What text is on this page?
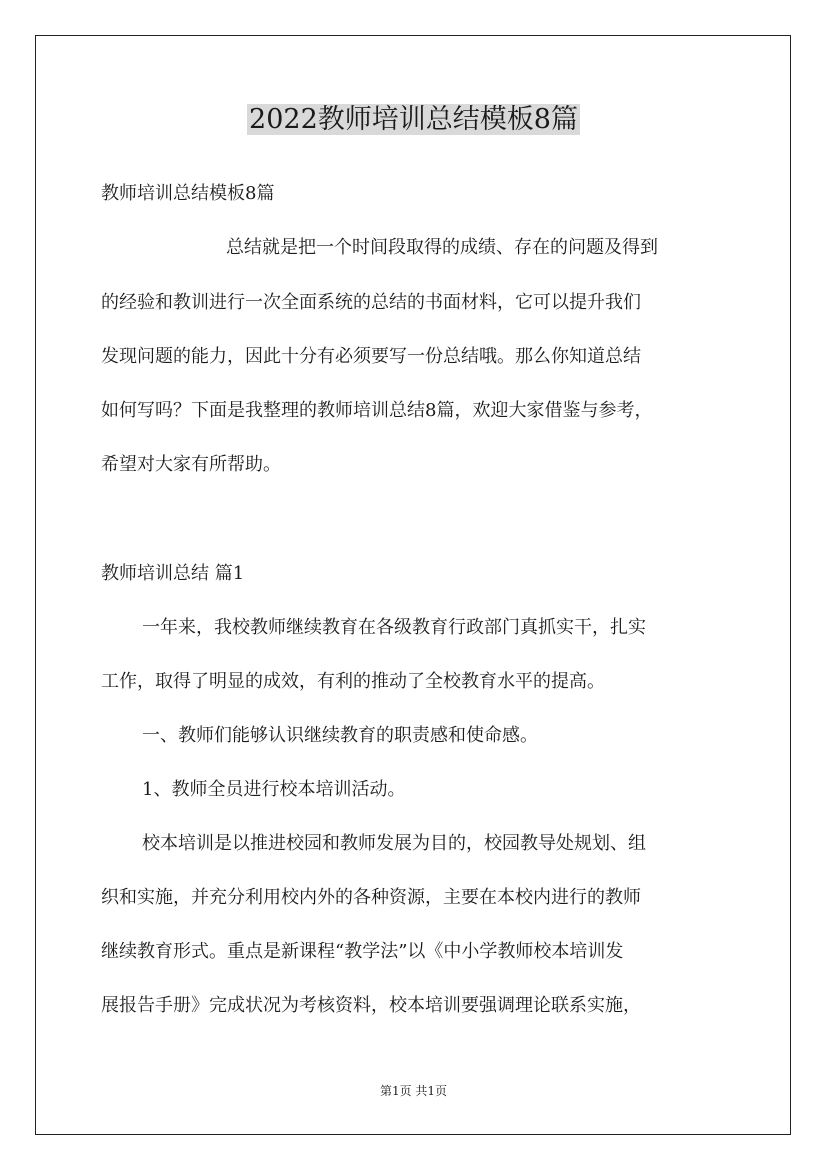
2022教师培训总结模板8篇
教师培训总结模板8篇
总结就是把一个时间段取得的成绩、存在的问题及得到
的经验和教训进行一次全面系统的总结的书面材料，它可以提升我们
发现问题的能力，因此十分有必须要写一份总结哦。那么你知道总结
如何写吗？下面是我整理的教师培训总结8篇，欢迎大家借鉴与参考，
希望对大家有所帮助。
教师培训总结 篇1
一年来，我校教师继续教育在各级教育行政部门真抓实干，扎实
工作，取得了明显的成效，有利的推动了全校教育水平的提高。
一、教师们能够认识继续教育的职责感和使命感。
1、教师全员进行校本培训活动。
校本培训是以推进校园和教师发展为目的，校园教导处规划、组
织和实施，并充分利用校内外的各种资源，主要在本校内进行的教师
继续教育形式。重点是新课程“教学法”以《中小学教师校本培训发
展报告手册》完成状况为考核资料，校本培训要强调理论联系实施，
第1页 共1页
